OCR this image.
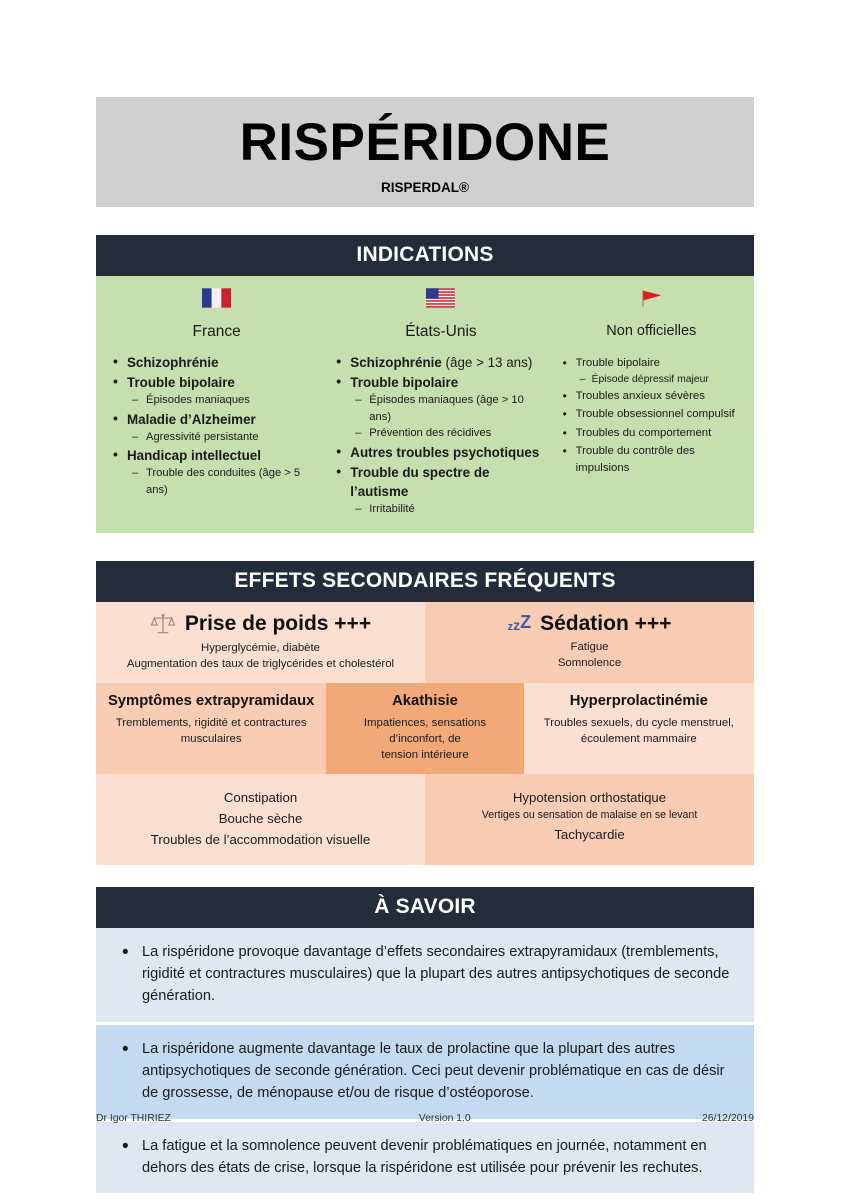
RISPÉRIDONE
RISPERDAL®
INDICATIONS
France
• Schizophrénie
• Trouble bipolaire
– Épisodes maniaques
• Maladie d’Alzheimer
– Agressivité persistante
• Handicap intellectuel
– Trouble des conduites (âge > 5 ans)
États-Unis
• Schizophrénie (âge > 13 ans)
• Trouble bipolaire
– Épisodes maniaques (âge > 10 ans)
– Prévention des récidives
• Autres troubles psychotiques
• Trouble du spectre de l’autisme
– Irritabilité
Non officielles
• Trouble bipolaire
– Épisode dépressif majeur
• Troubles anxieux sévères
• Trouble obsessionnel compulsif
• Troubles du comportement
• Trouble du contrôle des impulsions
EFFETS SECONDAIRES FRÉQUENTS
Prise de poids +++
Hyperglycémie, diabète
Augmentation des taux de triglycérides et cholestérol
zzZ Sédation +++
Fatigue
Somnolence
Symptômes extrapyramidaux
Tremblements, rigidité et contractures
musculaires
Akathisie
Impatiences, sensations d’inconfort, de
tension intérieure
Hyperprolactinémie
Troubles sexuels, du cycle menstruel,
écoulement mammaire
Constipation
Bouche sèche
Troubles de l’accommodation visuelle
Hypotension orthostatique
Vertiges ou sensation de malaise en se levant
Tachycardie
À SAVOIR
• La rispéridone provoque davantage d’effets secondaires extrapyramidaux (tremblements, rigidité et contractures musculaires) que la plupart des autres antipsychotiques de seconde génération.
• La rispéridone augmente davantage le taux de prolactine que la plupart des autres antipsychotiques de seconde génération. Ceci peut devenir problématique en cas de désir de grossesse, de ménopause et/ou de risque d’ostéoporose.
• La fatigue et la somnolence peuvent devenir problématiques en journée, notamment en dehors des états de crise, lorsque la rispéridone est utilisée pour prévenir les rechutes.
Dr Igor THIRIEZ	Version 1.0	26/12/2019
